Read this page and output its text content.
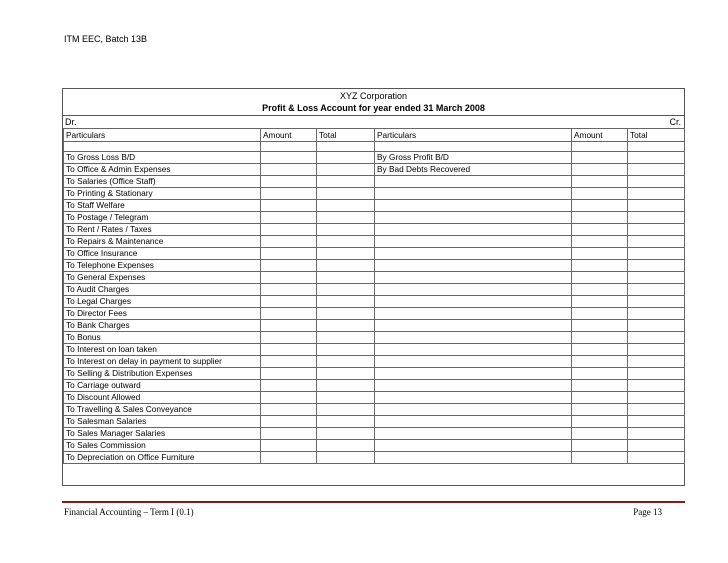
ITM EEC, Batch 13B
XYZ Corporation
Profit & Loss Account for year ended 31 March 2008
Dr.	Cr.
Particulars	Amount	Total	Particulars	Amount	Total

To Gross Loss B/D			By Gross Profit B/D		
To Office & Admin Expenses			By Bad Debts Recovered		
To Salaries (Office Staff)					
To Printing & Stationary					
To Staff Welfare					
To Postage / Telegram					
To Rent / Rates / Taxes					
To Repairs & Maintenance					
To Office Insurance					
To Telephone Expenses					
To General Expenses					
To Audit Charges					
To Legal Charges					
To Director Fees					
To Bank Charges					
To Bonus					
To Interest on loan taken					
To Interest on delay in payment to supplier					
To Selling & Distribution Expenses					
To Carriage outward					
To Discount Allowed					
To Travelling & Sales Conveyance					
To Salesman Salaries					
To Sales Manager Salaries					
To Sales Commission					
To Depreciation on Office Furniture					
Financial Accounting – Term I (0.1)	Page 13
